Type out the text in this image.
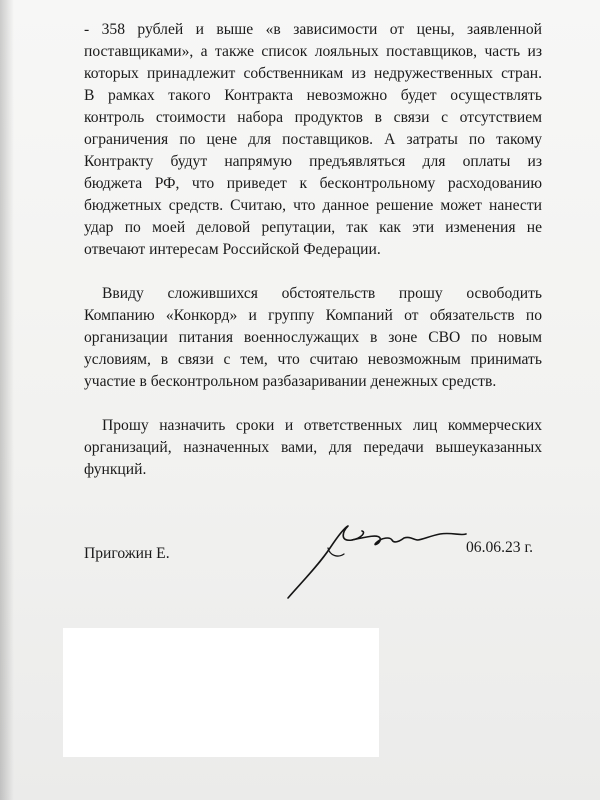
- 358 рублей и выше «в зависимости от цены, заявленной
поставщиками», а также список лояльных поставщиков, часть из
которых принадлежит собственникам из недружественных стран.
В рамках такого Контракта невозможно будет осуществлять
контроль стоимости набора продуктов в связи с отсутствием
ограничения по цене для поставщиков. А затраты по такому
Контракту будут напрямую предъявляться для оплаты из
бюджета РФ, что приведет к бесконтрольному расходованию
бюджетных средств. Считаю, что данное решение может нанести
удар по моей деловой репутации, так как эти изменения не
отвечают интересам Российской Федерации.
Ввиду сложившихся обстоятельств прошу освободить
Компанию «Конкорд» и группу Компаний от обязательств по
организации питания военнослужащих в зоне СВО по новым
условиям, в связи с тем, что считаю невозможным принимать
участие в бесконтрольном разбазаривании денежных средств.
Прошу назначить сроки и ответственных лиц коммерческих
организаций, назначенных вами, для передачи вышеуказанных
функций.
Пригожин Е.	06.06.23 г.
